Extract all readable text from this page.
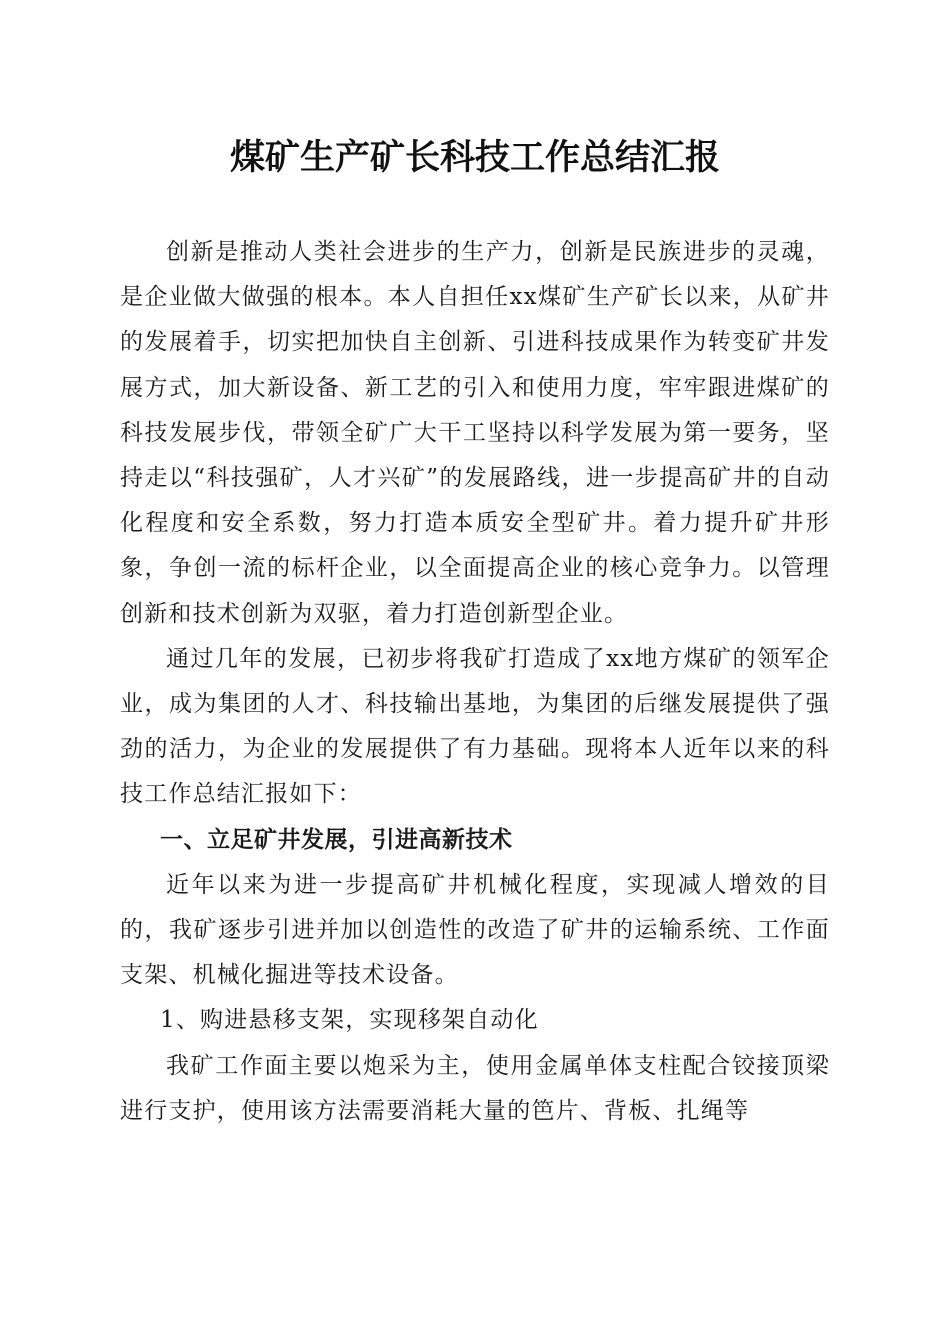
煤矿生产矿长科技工作总结汇报

创新是推动人类社会进步的生产力，创新是民族进步的灵魂，是企业做大做强的根本。本人自担任xx煤矿生产矿长以来，从矿井的发展着手，切实把加快自主创新、引进科技成果作为转变矿井发展方式，加大新设备、新工艺的引入和使用力度，牢牢跟进煤矿的科技发展步伐，带领全矿广大干工坚持以科学发展为第一要务，坚持走以“科技强矿，人才兴矿”的发展路线，进一步提高矿井的自动化程度和安全系数，努力打造本质安全型矿井。着力提升矿井形象，争创一流的标杆企业，以全面提高企业的核心竞争力。以管理创新和技术创新为双驱，着力打造创新型企业。

通过几年的发展，已初步将我矿打造成了xx地方煤矿的领军企业，成为集团的人才、科技输出基地，为集团的后继发展提供了强劲的活力，为企业的发展提供了有力基础。现将本人近年以来的科技工作总结汇报如下：

一、立足矿井发展，引进高新技术

近年以来为进一步提高矿井机械化程度，实现减人增效的目的，我矿逐步引进并加以创造性的改造了矿井的运输系统、工作面支架、机械化掘进等技术设备。

1、购进悬移支架，实现移架自动化

我矿工作面主要以炮采为主，使用金属单体支柱配合铰接顶梁进行支护，使用该方法需要消耗大量的笆片、背板、扎绳等
